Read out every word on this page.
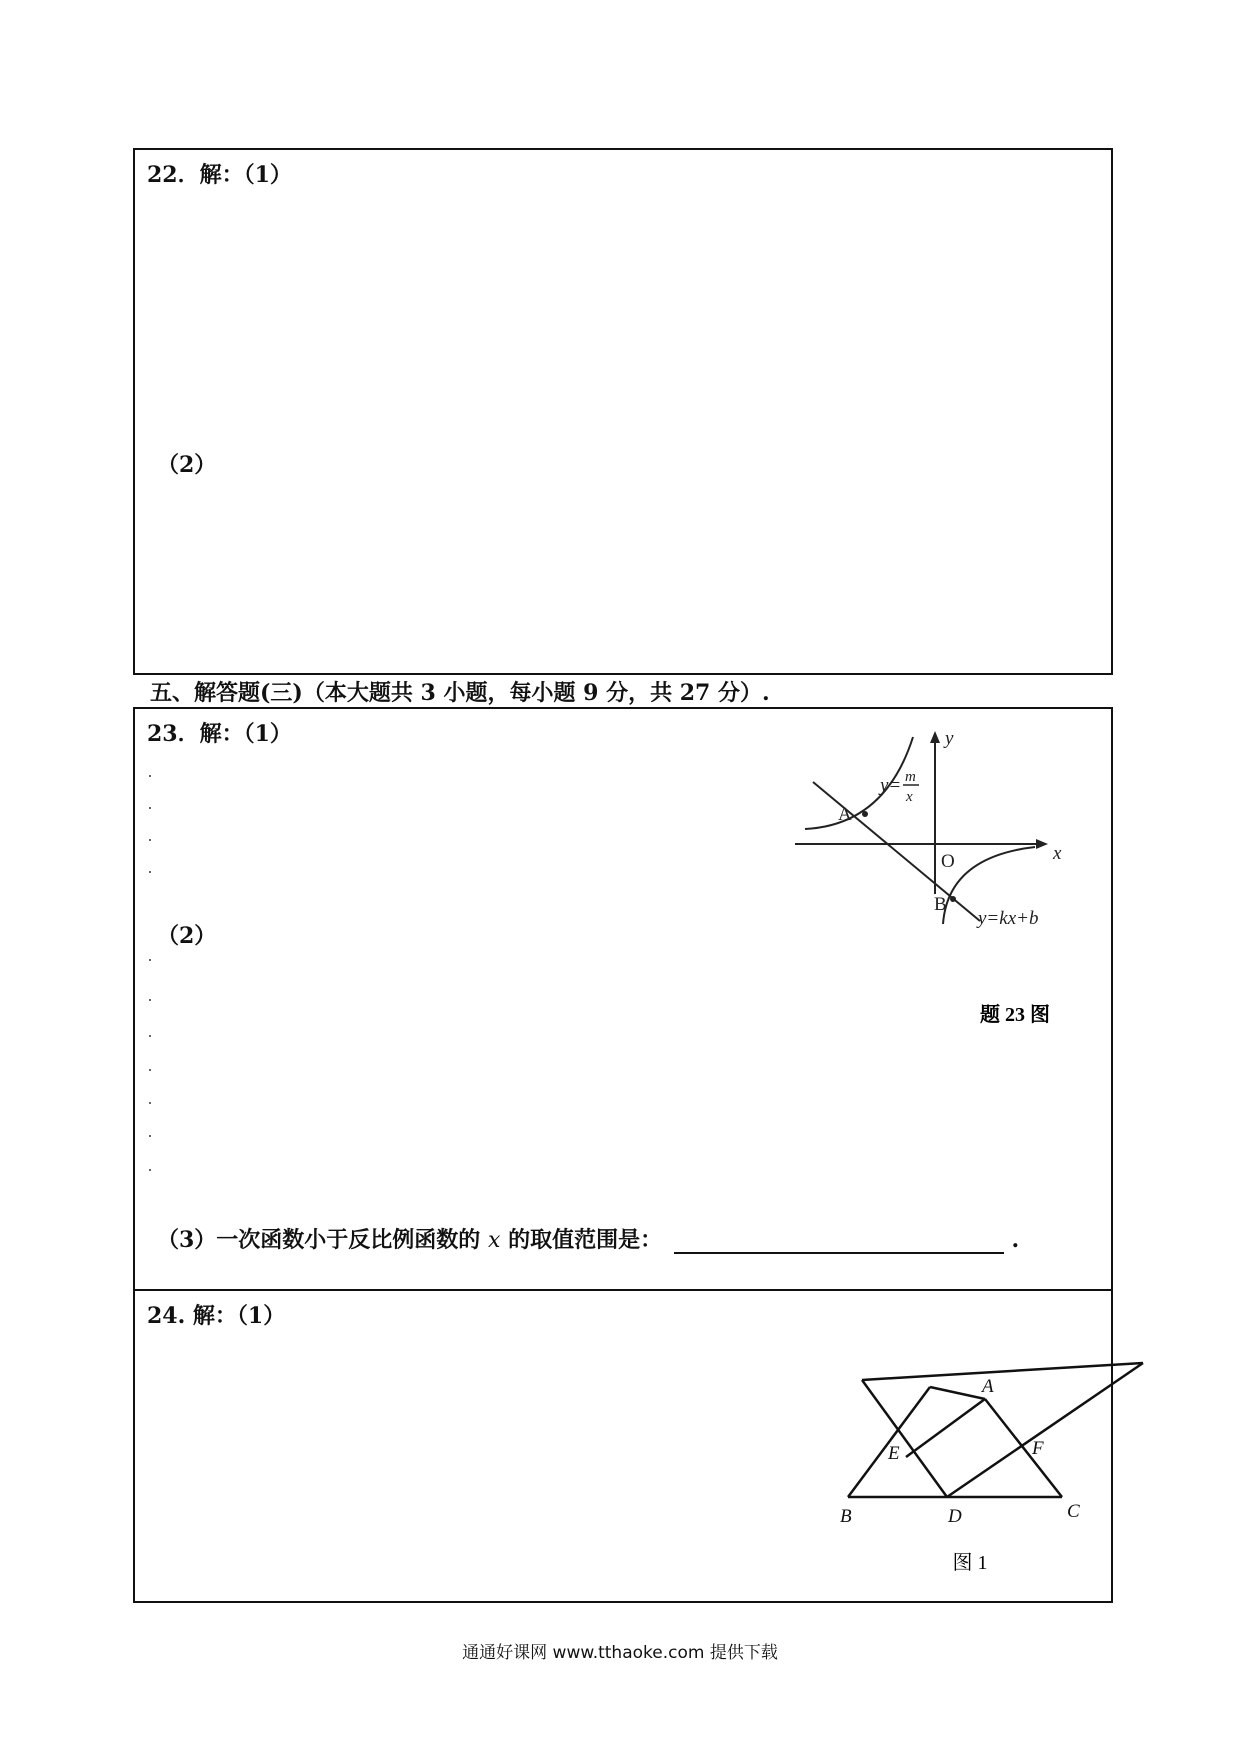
22．解：（1）
（2）
五、解答题(三)（本大题共 3 小题，每小题 9 分，共 27 分）.
23．解：（1）
（2）
（3）一次函数小于反比例函数的 x 的取值范围是：	.
y
x
O
A
B
y=kx+b
y= m
x
题 23 图
24. 解：（1）
A
B	C
D
E	F
图 1
通通好课网 www.tthaoke.com 提供下载
